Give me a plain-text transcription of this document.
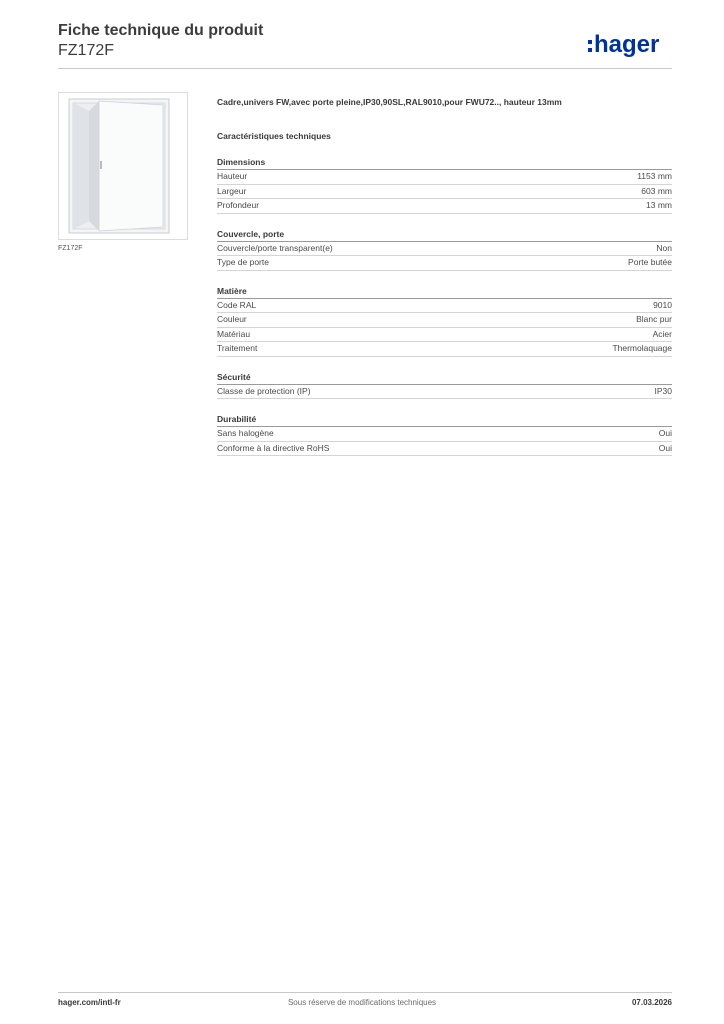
Fiche technique du produit
FZ172F	hager
FZ172F
Cadre,univers FW,avec porte pleine,IP30,90SL,RAL9010,pour FWU72.., hauteur 13mm
Caractéristiques techniques
Dimensions
Hauteur	1153 mm
Largeur	603 mm
Profondeur	13 mm
Couvercle, porte
Couvercle/porte transparent(e)	Non
Type de porte	Porte butée
Matière
Code RAL	9010
Couleur	Blanc pur
Matériau	Acier
Traitement	Thermolaquage
Sécurité
Classe de protection (IP)	IP30
Durabilité
Sans halogène	Oui
Conforme à la directive RoHS	Oui
hager.com/intl-fr	Sous réserve de modifications techniques	07.03.2026
